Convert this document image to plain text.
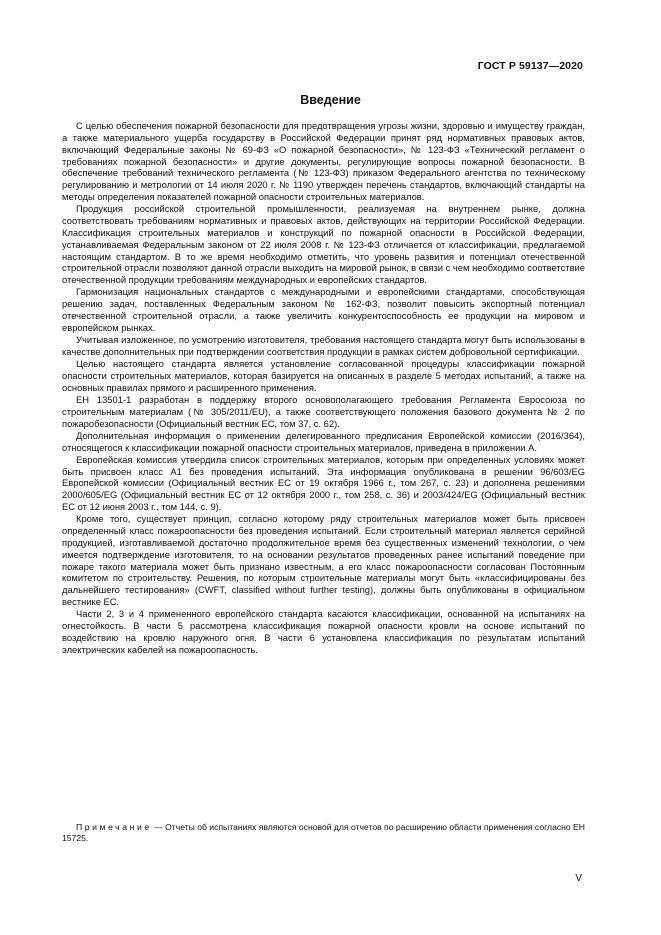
ГОСТ Р 59137—2020
Введение

С целью обеспечения пожарной безопасности для предотвращения угрозы жизни, здоровью и имуществу граждан, а также материального ущерба государству в Российской Федерации принят ряд нормативных правовых актов, включающий Федеральные законы № 69-ФЗ «О пожарной безопасности», № 123-ФЗ «Технический регламент о требованиях пожарной безопасности» и другие документы, регулирующие вопросы пожарной безопасности. В обеспечение требований технического регламента (№ 123-ФЗ) приказом Федерального агентства по техническому регулированию и метрологии от 14 июля 2020 г. № 1190 утвержден перечень стандартов, включающий стандарты на методы определения показателей пожарной опасности строительных материалов.

Продукция российской строительной промышленности, реализуемая на внутреннем рынке, должна соответствовать требованиям нормативных и правовых актов, действующих на территории Российской Федерации. Классификация строительных материалов и конструкций по пожарной опасности в Российской Федерации, устанавливаемая Федеральным законом от 22 июля 2008 г. № 123-ФЗ отличается от классификации, предлагаемой настоящим стандартом. В то же время необходимо отметить, что уровень развития и потенциал отечественной строительной отрасли позволяют данной отрасли выходить на мировой рынок, в связи с чем необходимо соответствие отечественной продукции требованиям международных и европейских стандартов.

Гармонизация национальных стандартов с международными и европейскими стандартами, способствующая решению задач, поставленных Федеральным законом № 162-ФЗ, позволит повысить экспортный потенциал отечественной строительной отрасли, а также увеличить конкурентоспособность ее продукции на мировом и европейском рынках.

Учитывая изложенное, по усмотрению изготовителя, требования настоящего стандарта могут быть использованы в качестве дополнительных при подтверждении соответствия продукции в рамках систем добровольной сертификации.

Целью настоящего стандарта является установление согласованной процедуры классификации пожарной опасности строительных материалов, которая базируется на описанных в разделе 5 методах испытаний, а также на основных правилах прямого и расширенного применения.

ЕН 13501-1 разработан в поддержку второго основополагающего требования Регламента Евросоюза по строительным материалам (№ 305/2011/EU), а также соответствующего положения базового документа № 2 по пожаробезопасности (Официальный вестник ЕС, том 37, с. 62).

Дополнительная информация о применении делегированного предписания Европейской комиссии (2016/364), относящегося к классификации пожарной опасности строительных материалов, приведена в приложении А.

Европейская комиссия утвердила список строительных материалов, которым при определенных условиях может быть присвоен класс А1 без проведения испытаний. Эта информация опубликована в решении 96/603/EG Европейской комиссии (Официальный вестник ЕС от 19 октября 1966 г., том 267, с. 23) и дополнена решениями 2000/605/EG (Официальный вестник ЕС от 12 октября 2000 г., том 258, с. 36) и 2003/424/EG (Официальный вестник ЕС от 12 июня 2003 г., том 144, с. 9).

Кроме того, существует принцип, согласно которому ряду строительных материалов может быть присвоен определенный класс пожароопасности без проведения испытаний. Если строительный материал является серийной продукцией, изготавливаемой достаточно продолжительное время без существенных изменений технологии, о чем имеется подтверждение изготовителя, то на основании результатов проведенных ранее испытаний поведение при пожаре такого материала может быть признано известным, а его класс пожароопасности согласован Постоянным комитетом по строительству. Решения, по которым строительные материалы могут быть «классифицированы без дальнейшего тестирования» (CWFT, classified without further testing), должны быть опубликованы в официальном вестнике ЕС.

Части 2, 3 и 4 примененного европейского стандарта касаются классификации, основанной на испытаниях на огнестойкость. В части 5 рассмотрена классификация пожарной опасности кровли на основе испытаний по воздействию на кровлю наружного огня. В части 6 установлена классификация по результатам испытаний электрических кабелей на пожароопасность.

Примечание — Отчеты об испытаниях являются основой для отчетов по расширению области применения согласно ЕН 15725.
V
